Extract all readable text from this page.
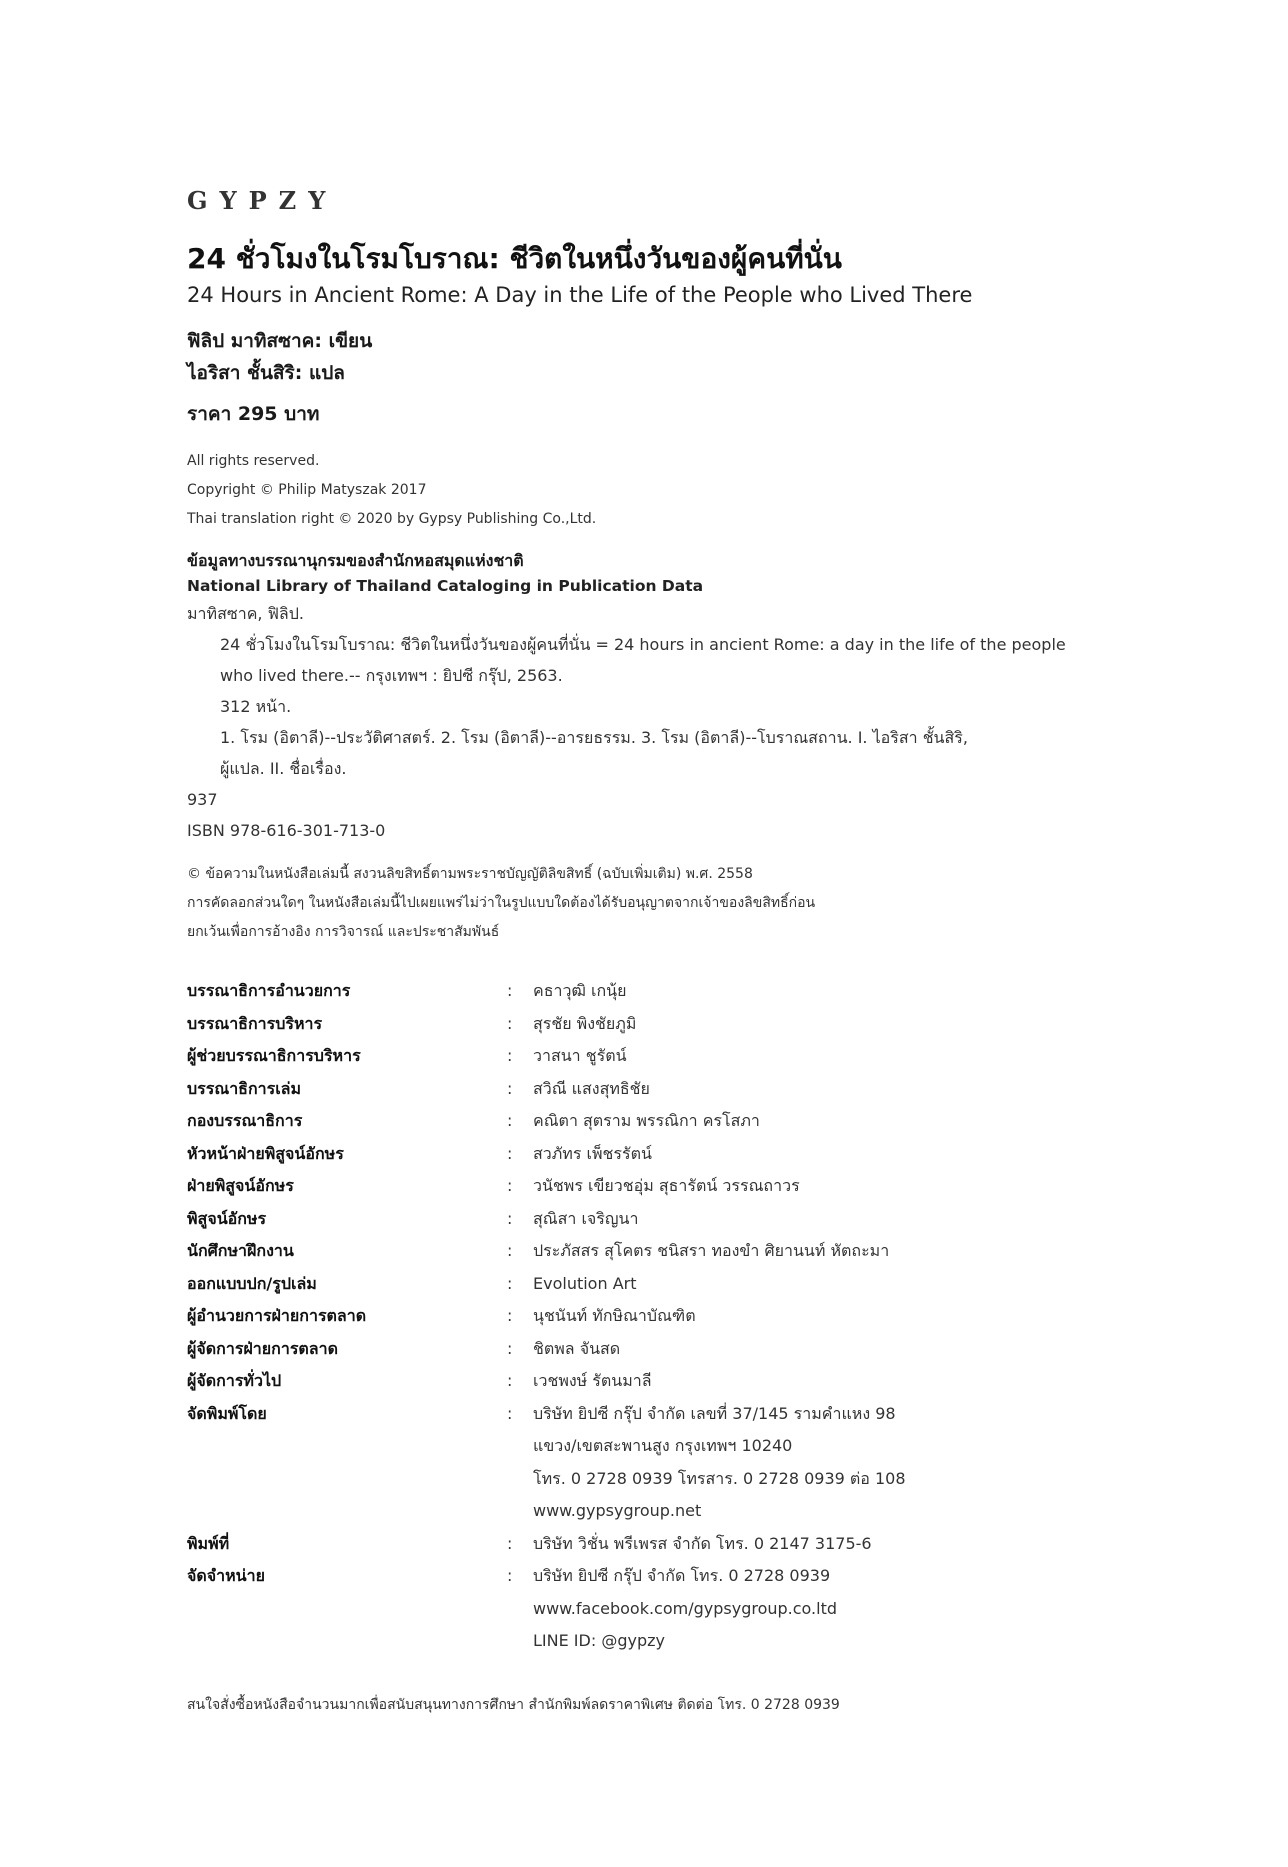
GYPZY
24 ชั่วโมงในโรมโบราณ: ชีวิตในหนึ่งวันของผู้คนที่นั่น
24 Hours in Ancient Rome: A Day in the Life of the People who Lived There
ฟิลิป มาทิสซาค: เขียน
ไอริสา ชั้นสิริ: แปล
ราคา 295 บาท
All rights reserved.
Copyright © Philip Matyszak 2017
Thai translation right © 2020 by Gypsy Publishing Co.,Ltd.
ข้อมูลทางบรรณานุกรมของสำนักหอสมุดแห่งชาติ
National Library of Thailand Cataloging in Publication Data
มาทิสซาค, ฟิลิป.
24 ชั่วโมงในโรมโบราณ: ชีวิตในหนึ่งวันของผู้คนที่นั่น = 24 hours in ancient Rome: a day in the life of the people
who lived there.-- กรุงเทพฯ : ยิปซี กรุ๊ป, 2563.
312 หน้า.
1. โรม (อิตาลี)--ประวัติศาสตร์. 2. โรม (อิตาลี)--อารยธรรม. 3. โรม (อิตาลี)--โบราณสถาน. I. ไอริสา ชั้นสิริ,
ผู้แปล. II. ชื่อเรื่อง.
937
ISBN 978-616-301-713-0
© ข้อความในหนังสือเล่มนี้ สงวนลิขสิทธิ์ตามพระราชบัญญัติลิขสิทธิ์ (ฉบับเพิ่มเติม) พ.ศ. 2558
การคัดลอกส่วนใดๆ ในหนังสือเล่มนี้ไปเผยแพร่ไม่ว่าในรูปแบบใดต้องได้รับอนุญาตจากเจ้าของลิขสิทธิ์ก่อน
ยกเว้นเพื่อการอ้างอิง การวิจารณ์ และประชาสัมพันธ์
บรรณาธิการอำนวยการ	:	คธาวุฒิ เกนุ้ย
บรรณาธิการบริหาร	:	สุรชัย พิงชัยภูมิ
ผู้ช่วยบรรณาธิการบริหาร	:	วาสนา ชูรัตน์
บรรณาธิการเล่ม	:	สวิณี แสงสุทธิชัย
กองบรรณาธิการ	:	คณิตา สุตราม พรรณิกา ครโสภา
หัวหน้าฝ่ายพิสูจน์อักษร	:	สวภัทร เพ็ชรรัตน์
ฝ่ายพิสูจน์อักษร	:	วนัชพร เขียวชอุ่ม สุธารัตน์ วรรณถาวร
พิสูจน์อักษร	:	สุณิสา เจริญนา
นักศึกษาฝึกงาน	:	ประภัสสร สุโคตร ชนิสรา ทองขำ ศิยานนท์ หัตถะมา
ออกแบบปก/รูปเล่ม	:	Evolution Art
ผู้อำนวยการฝ่ายการตลาด	:	นุชนันท์ ทักษิณาบัณฑิต
ผู้จัดการฝ่ายการตลาด	:	ชิตพล จันสด
ผู้จัดการทั่วไป	:	เวชพงษ์ รัตนมาลี
จัดพิมพ์โดย	:	บริษัท ยิปซี กรุ๊ป จำกัด เลขที่ 37/145 รามคำแหง 98
		แขวง/เขตสะพานสูง กรุงเทพฯ 10240
		โทร. 0 2728 0939 โทรสาร. 0 2728 0939 ต่อ 108
		www.gypsygroup.net
พิมพ์ที่	:	บริษัท วิชั่น พรีเพรส จำกัด โทร. 0 2147 3175-6
จัดจำหน่าย	:	บริษัท ยิปซี กรุ๊ป จำกัด โทร. 0 2728 0939
		www.facebook.com/gypsygroup.co.ltd
		LINE ID: @gypzy
สนใจสั่งซื้อหนังสือจำนวนมากเพื่อสนับสนุนทางการศึกษา สำนักพิมพ์ลดราคาพิเศษ ติดต่อ โทร. 0 2728 0939
